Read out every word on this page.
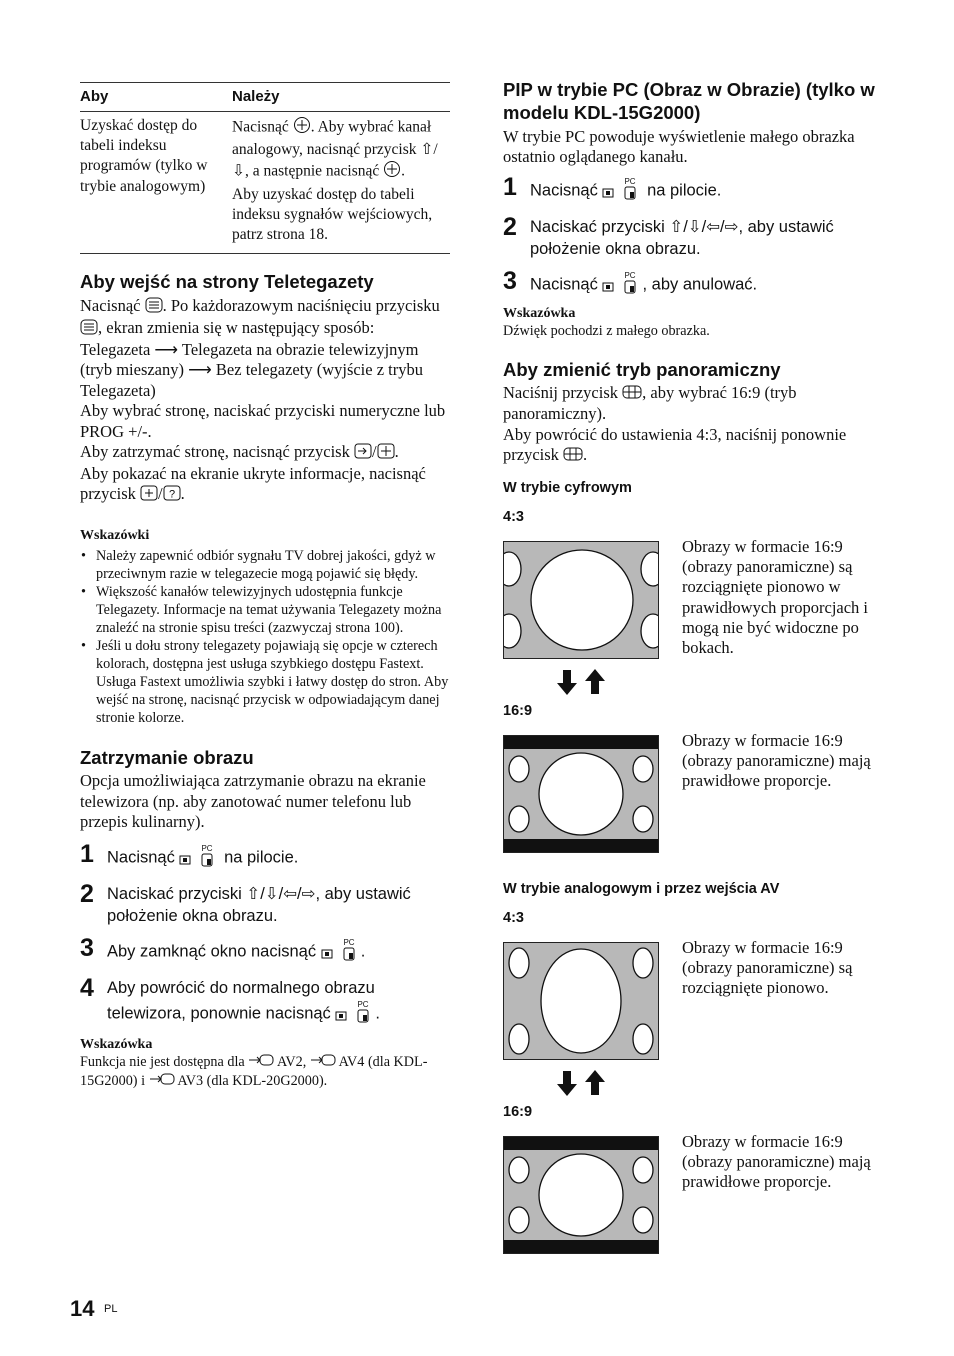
Aby	Należy
Uzyskać dostęp do tabeli indeksu programów (tylko w trybie analogowym)	Nacisnąć . Aby wybrać kanał analogowy, nacisnąć przycisk ⇧/⇩, a następnie nacisnąć .
Aby uzyskać dostęp do tabeli indeksu sygnałów wejściowych, patrz strona 18.
Aby wejść na strony Teletegazety

Nacisnąć . Po każdorazowym naciśnięciu przycisku , ekran zmienia się w następujący sposób:
Telegazeta ⟶ Telegazeta na obrazie telewizyjnym (tryb mieszany) ⟶ Bez telegazety (wyjście z trybu Telegazeta)
Aby wybrać stronę, naciskać przyciski numeryczne lub PROG +/-.
Aby zatrzymać stronę, nacisnąć przycisk / .
Aby pokazać na ekranie ukryte informacje, nacisnąć przycisk / ? .

Wskazówki

• Należy zapewnić odbiór sygnału TV dobrej jakości, gdyż w przeciwnym razie w telegazecie mogą pojawić się błędy.
• Większość kanałów telewizyjnych udostępnia funkcje Telegazety. Informacje na temat używania Telegazety można znaleźć na stronie spisu treści (zazwyczaj strona 100).
• Jeśli u dołu strony telegazety pojawiają się opcje w czterech kolorach, dostępna jest usługa szybkiego dostępu Fastext. Usługa Fastext umożliwia szybki i łatwy dostęp do stron. Aby wejść na stronę, nacisnąć przycisk w odpowiadającym danej stronie kolorze.
Zatrzymanie obrazu

Opcja umożliwiająca zatrzymanie obrazu na ekranie telewizora (np. aby zanotować numer telefonu lub przepis kulinarny).

1 Nacisnąć	PC na pilocie.
2 Naciskać przyciski ⇧/⇩/⇦/⇨, aby ustawić położenie okna obrazu.
3 Aby zamknąć okno nacisnąć	PC .
4 Aby powrócić do normalnego obrazu telewizora, ponownie nacisnąć	PC .

Wskazówka

Funkcja nie jest dostępna dla AV2, AV4 (dla KDL-15G2000) i AV3 (dla KDL-20G2000).

PIP w trybie PC (Obraz w Obrazie) (tylko w modelu KDL-15G2000)

W trybie PC powoduje wyświetlenie małego obrazka ostatnio oglądanego kanału.

1 Nacisnąć	PC na pilocie.
2 Naciskać przyciski ⇧/⇩/⇦/⇨, aby ustawić położenie okna obrazu.
3 Nacisnąć	PC , aby anulować.

Wskazówka

Dźwięk pochodzi z małego obrazka.

Aby zmienić tryb panoramiczny

Naciśnij przycisk , aby wybrać 16:9 (tryb panoramiczny).
Aby powrócić do ustawienia 4:3, naciśnij ponownie przycisk .

W trybie cyfrowym
4:3
Obrazy w formacie 16:9 (obrazy panoramiczne) są rozciągnięte pionowo w prawidłowych proporcjach i mogą nie być widoczne po bokach.
16:9
Obrazy w formacie 16:9 (obrazy panoramiczne) mają prawidłowe proporcje.
W trybie analogowym i przez wejścia AV
4:3
Obrazy w formacie 16:9 (obrazy panoramiczne) są rozciągnięte pionowo.
16:9
Obrazy w formacie 16:9 (obrazy panoramiczne) mają prawidłowe proporcje.
14 PL
